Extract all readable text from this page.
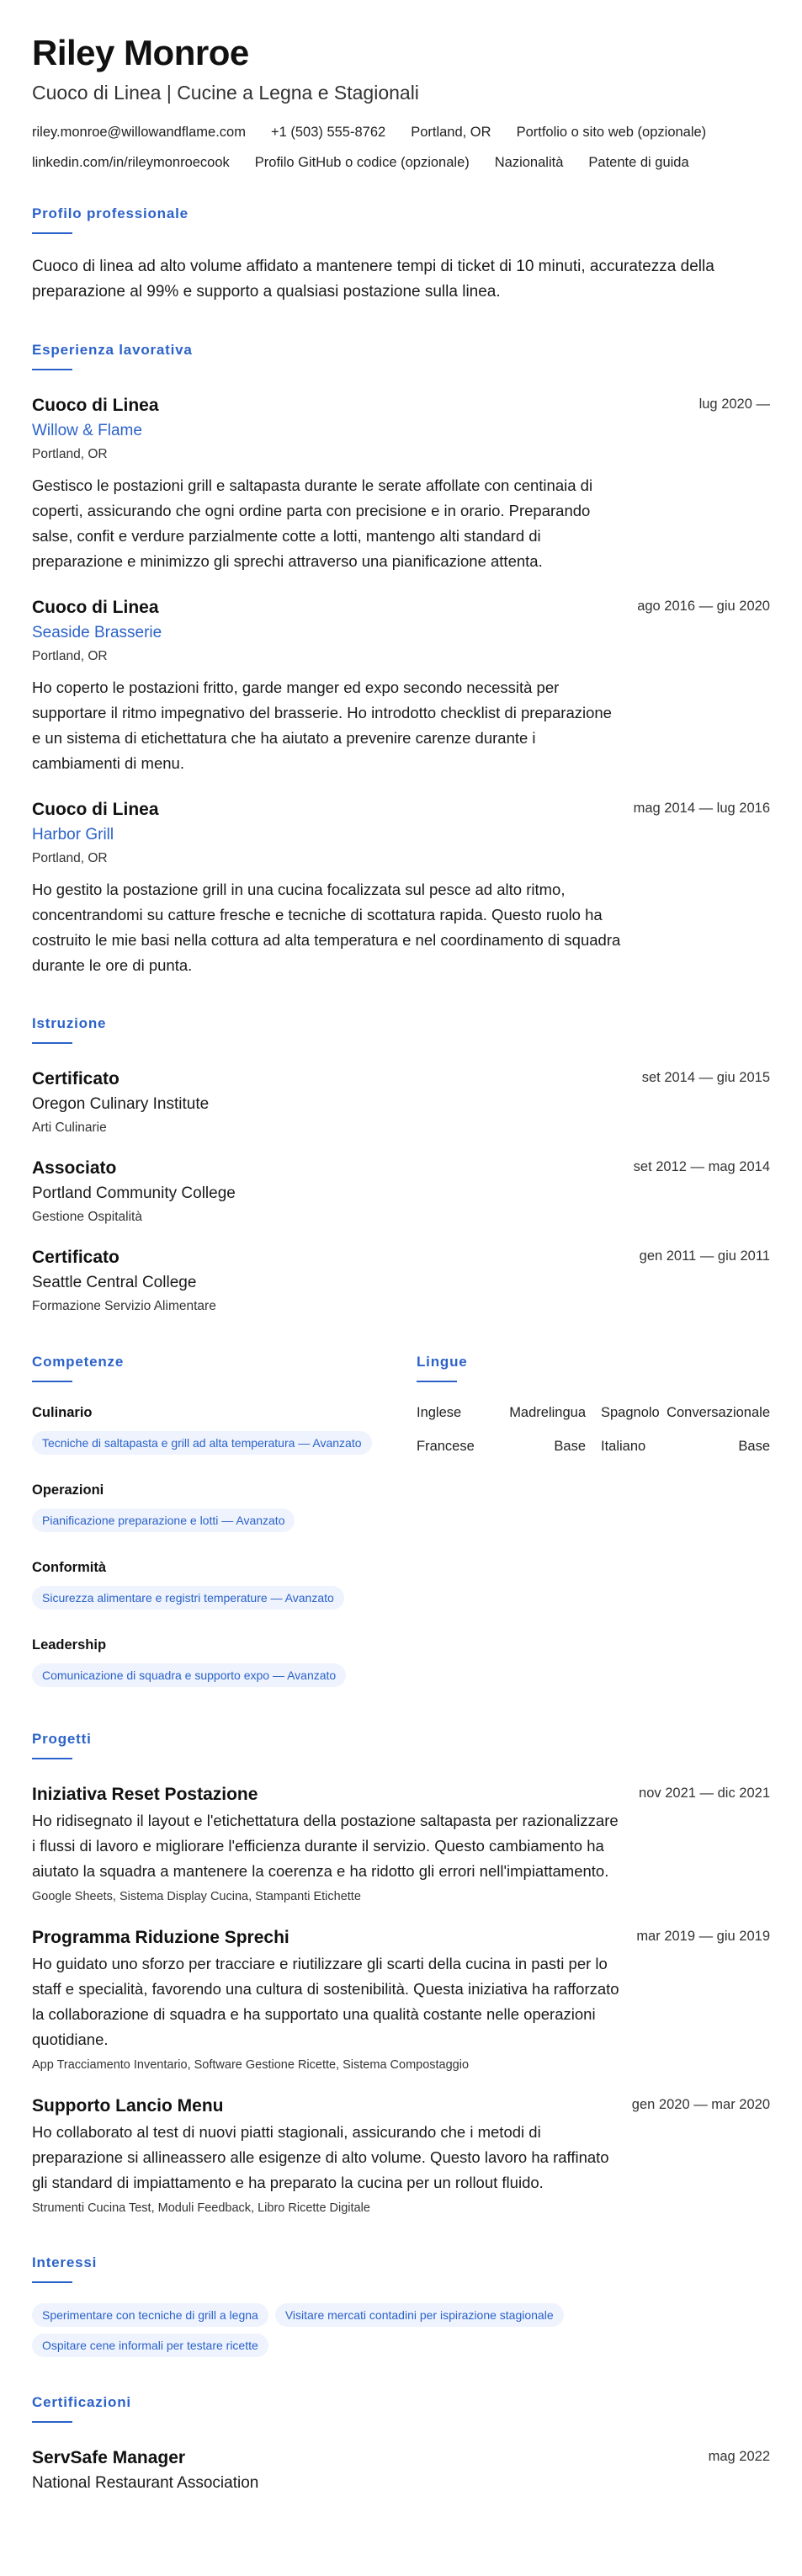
Riley Monroe
Cuoco di Linea | Cucine a Legna e Stagionali
riley.monroe@willowandflame.com +1 (503) 555-8762 Portland, OR Portfolio o sito web (opzionale)
linkedin.com/in/rileymonroecook Profilo GitHub o codice (opzionale) Nazionalità Patente di guida
Profilo professionale
Cuoco di linea ad alto volume affidato a mantenere tempi di ticket di 10 minuti, accuratezza della preparazione al 99% e supporto a qualsiasi postazione sulla linea.
Esperienza lavorativa
Cuoco di Linea	lug 2020 —
Willow & Flame
Portland, OR
Gestisco le postazioni grill e saltapasta durante le serate affollate con centinaia di coperti, assicurando che ogni ordine parta con precisione e in orario. Preparando salse, confit e verdure parzialmente cotte a lotti, mantengo alti standard di preparazione e minimizzo gli sprechi attraverso una pianificazione attenta.
Cuoco di Linea	ago 2016 — giu 2020
Seaside Brasserie
Portland, OR
Ho coperto le postazioni fritto, garde manger ed expo secondo necessità per supportare il ritmo impegnativo del brasserie. Ho introdotto checklist di preparazione e un sistema di etichettatura che ha aiutato a prevenire carenze durante i cambiamenti di menu.
Cuoco di Linea	mag 2014 — lug 2016
Harbor Grill
Portland, OR
Ho gestito la postazione grill in una cucina focalizzata sul pesce ad alto ritmo, concentrandomi su catture fresche e tecniche di scottatura rapida. Questo ruolo ha costruito le mie basi nella cottura ad alta temperatura e nel coordinamento di squadra durante le ore di punta.
Istruzione
Certificato	set 2014 — giu 2015
Oregon Culinary Institute
Arti Culinarie
Associato	set 2012 — mag 2014
Portland Community College
Gestione Ospitalità
Certificato	gen 2011 — giu 2011
Seattle Central College
Formazione Servizio Alimentare
Competenze
Culinario
Tecniche di saltapasta e grill ad alta temperatura — Avanzato
Operazioni
Pianificazione preparazione e lotti — Avanzato
Conformità
Sicurezza alimentare e registri temperature — Avanzato
Leadership
Comunicazione di squadra e supporto expo — Avanzato
Lingue
Inglese	Madrelingua Spagnolo Conversazionale
Francese	Base Italiano	Base
Progetti
Iniziativa Reset Postazione	nov 2021 — dic 2021
Ho ridisegnato il layout e l'etichettatura della postazione saltapasta per razionalizzare i flussi di lavoro e migliorare l'efficienza durante il servizio. Questo cambiamento ha aiutato la squadra a mantenere la coerenza e ha ridotto gli errori nell'impiattamento.
Google Sheets, Sistema Display Cucina, Stampanti Etichette
Programma Riduzione Sprechi	mar 2019 — giu 2019
Ho guidato uno sforzo per tracciare e riutilizzare gli scarti della cucina in pasti per lo staff e specialità, favorendo una cultura di sostenibilità. Questa iniziativa ha rafforzato la collaborazione di squadra e ha supportato una qualità costante nelle operazioni quotidiane.
App Tracciamento Inventario, Software Gestione Ricette, Sistema Compostaggio
Supporto Lancio Menu	gen 2020 — mar 2020
Ho collaborato al test di nuovi piatti stagionali, assicurando che i metodi di preparazione si allineassero alle esigenze di alto volume. Questo lavoro ha raffinato gli standard di impiattamento e ha preparato la cucina per un rollout fluido.
Strumenti Cucina Test, Moduli Feedback, Libro Ricette Digitale
Interessi
Sperimentare con tecniche di grill a legna	Visitare mercati contadini per ispirazione stagionale
Ospitare cene informali per testare ricette
Certificazioni
ServSafe Manager	mag 2022
National Restaurant Association
